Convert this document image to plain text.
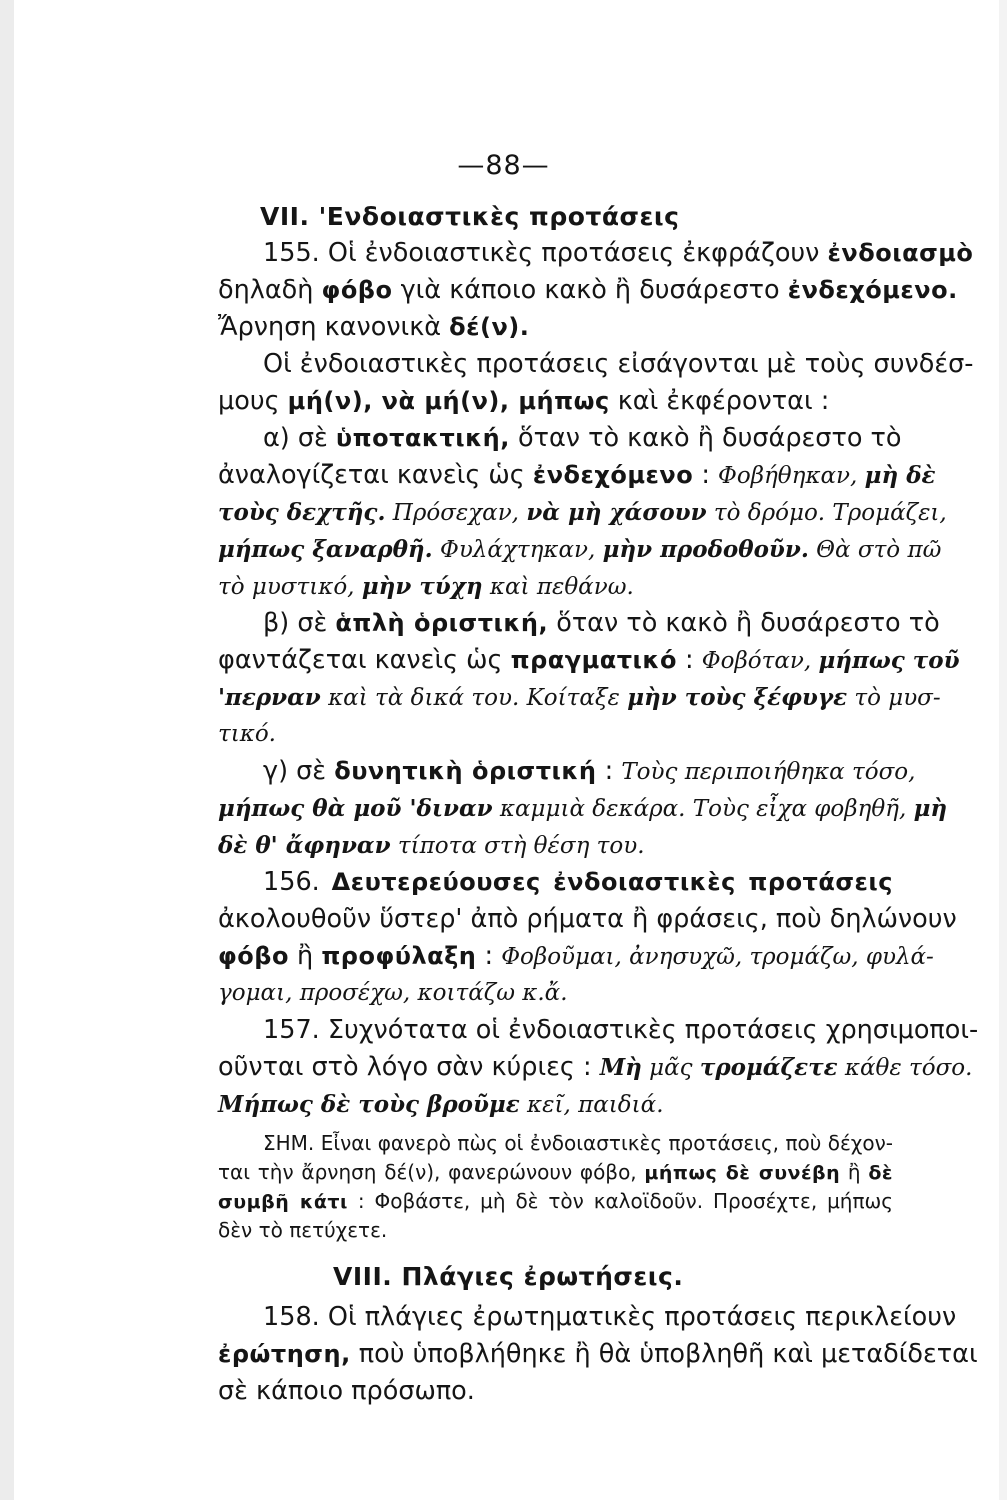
—88—
VII. 'Ενδοιαστικὲς προτάσεις
155. Οἱ ἐνδοιαστικὲς προτάσεις ἐκφράζουν ἐνδοιασμὸ
δηλαδὴ φόβο γιὰ κάποιο κακὸ ἢ δυσάρεστο ἐνδεχόμενο.
Ἄρνηση κανονικὰ δέ(ν).
Οἱ ἐνδοιαστικὲς προτάσεις εἰσάγονται μὲ τοὺς συνδέσ-
μους μή(ν), νὰ μή(ν), μήπως καὶ ἐκφέρονται :
α) σὲ ὑποτακτική, ὅταν τὸ κακὸ ἢ δυσάρεστο τὸ
ἀναλογίζεται κανεὶς ὡς ἐνδεχόμενο : Φοβήθηκαν, μὴ δὲ
τοὺς δεχτῆς. Πρόσεχαν, νὰ μὴ χάσουν τὸ δρόμο. Τρομάζει,
μήπως ξαναρθῆ. Φυλάχτηκαν, μὴν προδοθοῦν. Θὰ στὸ πῶ
τὸ μυστικό, μὴν τύχη καὶ πεθάνω.
β) σὲ ἁπλὴ ὁριστική, ὅταν τὸ κακὸ ἢ δυσάρεστο τὸ
φαντάζεται κανεὶς ὡς πραγματικό : Φοβόταν, μήπως τοῦ
'περναν καὶ τὰ δικά του. Κοίταξε μὴν τοὺς ξέφυγε τὸ μυσ-
τικό.
γ) σὲ δυνητικὴ ὁριστική : Τοὺς περιποιήθηκα τόσο,
μήπως θὰ μοῦ 'διναν καμμιὰ δεκάρα. Τοὺς εἶχα φοβηθῆ, μὴ
δὲ θ' ἄφηναν τίποτα στὴ θέση του.
156. Δευτερεύουσες ἐνδοιαστικὲς προτάσεις
ἀκολουθοῦν ὕστερ' ἀπὸ ρήματα ἢ φράσεις, ποὺ δηλώνουν
φόβο ἢ προφύλαξη : Φοβοῦμαι, ἀνησυχῶ, τρομάζω, φυλά-
γομαι, προσέχω, κοιτάζω κ.ἄ.
157. Συχνότατα οἱ ἐνδοιαστικὲς προτάσεις χρησιμοποι-
οῦνται στὸ λόγο σὰν κύριες : Μὴ μᾶς τρομάζετε κάθε τόσο.
Μήπως δὲ τοὺς βροῦμε κεῖ, παιδιά.
ΣΗΜ. Εἶναι φανερὸ πὼς οἱ ἐνδοιαστικὲς προτάσεις, ποὺ δέχον-
ται τὴν ἄρνηση δέ(ν), φανερώνουν φόβο, μήπως δὲ συνέβη ἢ δὲ
συμβῆ κάτι : Φοβάστε, μὴ δὲ τὸν καλοϊδοῦν. Προσέχτε, μήπως
δὲν τὸ πετύχετε.
VIII. Πλάγιες ἐρωτήσεις.
158. Οἱ πλάγιες ἐρωτηματικὲς προτάσεις περικλείουν
ἐρώτηση, ποὺ ὑποβλήθηκε ἢ θὰ ὑποβληθῆ καὶ μεταδίδεται
σὲ κάποιο πρόσωπο.
